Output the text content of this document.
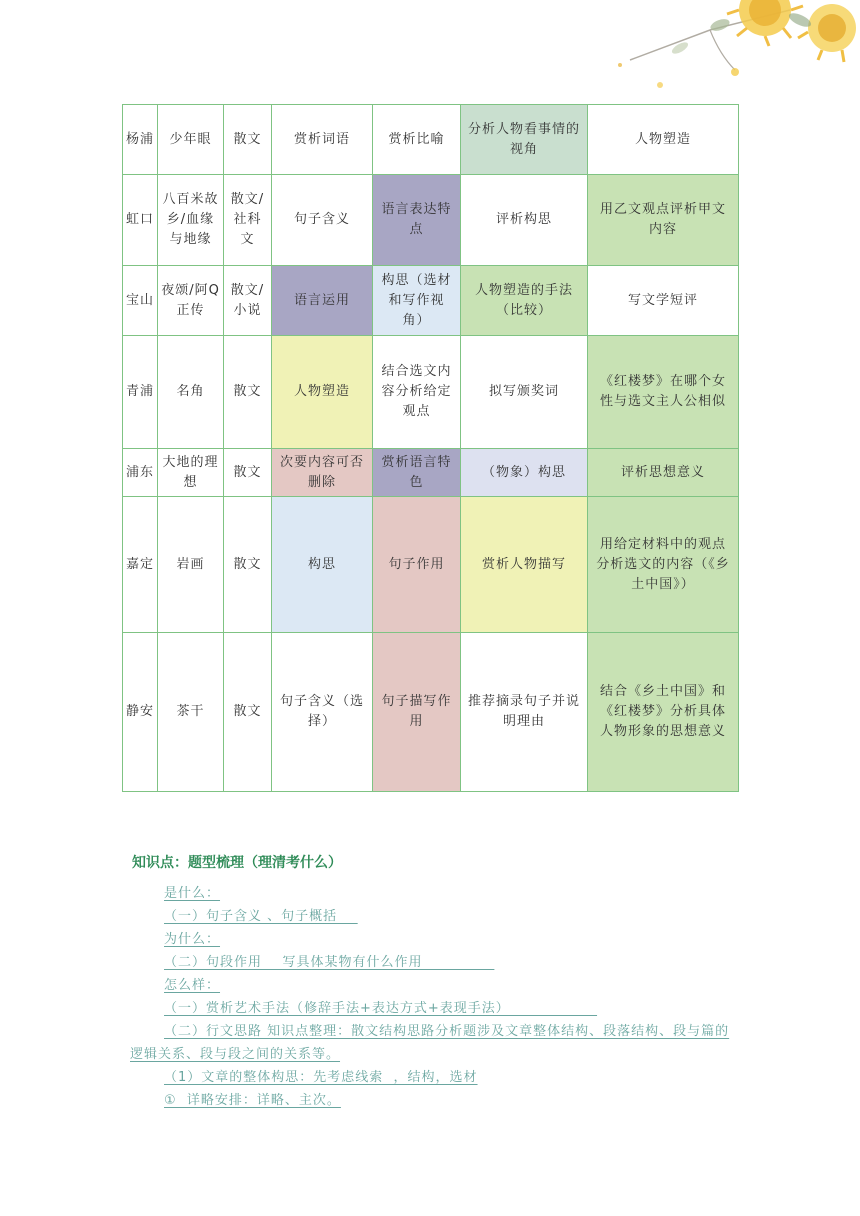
杨浦	少年眼	散文	赏析词语	赏析比喻	分析人物看事情的视角	人物塑造
虹口	八百米故乡/血缘与地缘	散文/社科文	句子含义	语言表达特点	评析构思	用乙文观点评析甲文内容
宝山	夜颂/阿Q正传	散文/小说	语言运用	构思（选材和写作视角）	人物塑造的手法（比较）	写文学短评
青浦	名角	散文	人物塑造	结合选文内容分析给定观点	拟写颁奖词	《红楼梦》在哪个女性与选文主人公相似
浦东	大地的理想	散文	次要内容可否删除	赏析语言特色	（物象）构思	评析思想意义
嘉定	岩画	散文	构思	句子作用	赏析人物描写	用给定材料中的观点分析选文的内容（《乡土中国》）
静安	茶干	散文	句子含义（选择）	句子描写作用	推荐摘录句子并说明理由	结合《乡土中国》和《红楼梦》分析具体人物形象的思想意义
知识点：题型梳理（理清考什么）
是什么：
（一）句子含义 、句子概括
为什么：
（二）句段作用    写具体某物有什么作用
怎么样：
（一）赏析艺术手法（修辞手法+表达方式+表现手法）
（二）行文思路 知识点整理：散文结构思路分析题涉及文章整体结构、段落结构、段与篇的逻辑关系、段与段之间的关系等。
（1）文章的整体构思：先考虑线索  ，结构，选材
①  详略安排：详略、主次。
